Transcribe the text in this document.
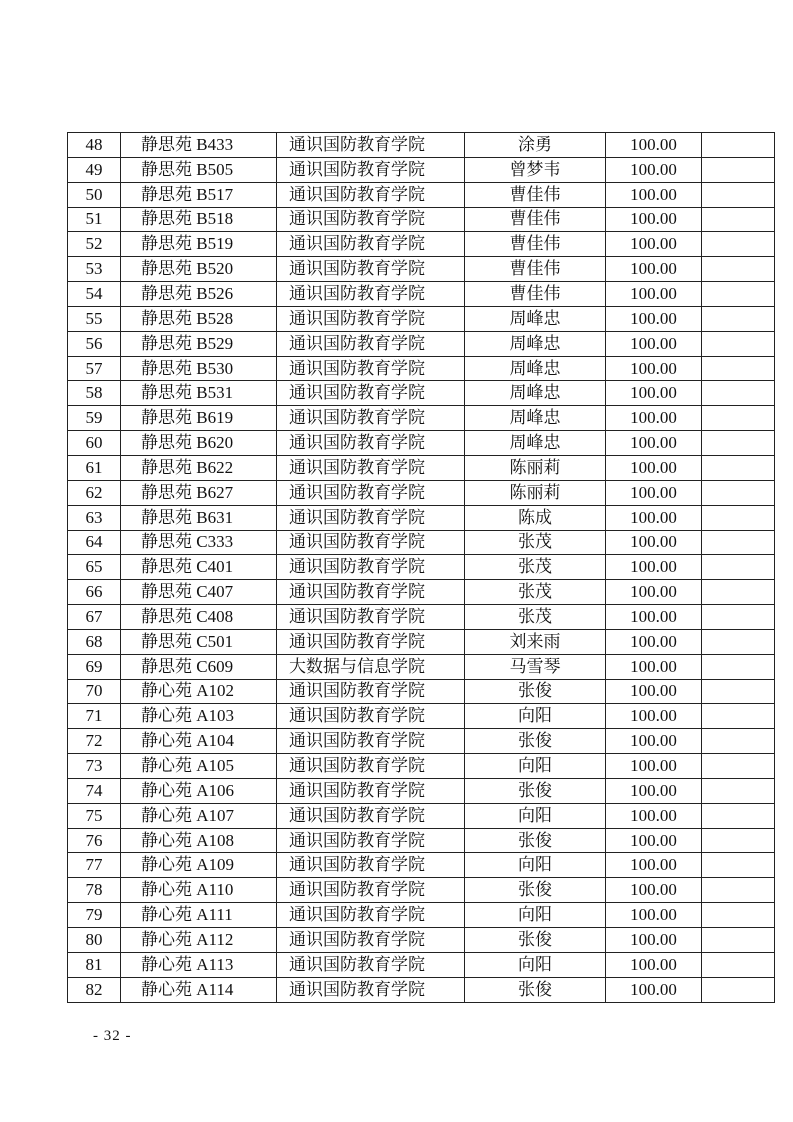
48	静思苑 B433	通识国防教育学院	涂勇	100.00	
49	静思苑 B505	通识国防教育学院	曾梦韦	100.00	
50	静思苑 B517	通识国防教育学院	曹佳伟	100.00	
51	静思苑 B518	通识国防教育学院	曹佳伟	100.00	
52	静思苑 B519	通识国防教育学院	曹佳伟	100.00	
53	静思苑 B520	通识国防教育学院	曹佳伟	100.00	
54	静思苑 B526	通识国防教育学院	曹佳伟	100.00	
55	静思苑 B528	通识国防教育学院	周峰忠	100.00	
56	静思苑 B529	通识国防教育学院	周峰忠	100.00	
57	静思苑 B530	通识国防教育学院	周峰忠	100.00	
58	静思苑 B531	通识国防教育学院	周峰忠	100.00	
59	静思苑 B619	通识国防教育学院	周峰忠	100.00	
60	静思苑 B620	通识国防教育学院	周峰忠	100.00	
61	静思苑 B622	通识国防教育学院	陈丽莉	100.00	
62	静思苑 B627	通识国防教育学院	陈丽莉	100.00	
63	静思苑 B631	通识国防教育学院	陈成	100.00	
64	静思苑 C333	通识国防教育学院	张茂	100.00	
65	静思苑 C401	通识国防教育学院	张茂	100.00	
66	静思苑 C407	通识国防教育学院	张茂	100.00	
67	静思苑 C408	通识国防教育学院	张茂	100.00	
68	静思苑 C501	通识国防教育学院	刘来雨	100.00	
69	静思苑 C609	大数据与信息学院	马雪琴	100.00	
70	静心苑 A102	通识国防教育学院	张俊	100.00	
71	静心苑 A103	通识国防教育学院	向阳	100.00	
72	静心苑 A104	通识国防教育学院	张俊	100.00	
73	静心苑 A105	通识国防教育学院	向阳	100.00	
74	静心苑 A106	通识国防教育学院	张俊	100.00	
75	静心苑 A107	通识国防教育学院	向阳	100.00	
76	静心苑 A108	通识国防教育学院	张俊	100.00	
77	静心苑 A109	通识国防教育学院	向阳	100.00	
78	静心苑 A110	通识国防教育学院	张俊	100.00	
79	静心苑 A111	通识国防教育学院	向阳	100.00	
80	静心苑 A112	通识国防教育学院	张俊	100.00	
81	静心苑 A113	通识国防教育学院	向阳	100.00	
82	静心苑 A114	通识国防教育学院	张俊	100.00	
- 32 -
